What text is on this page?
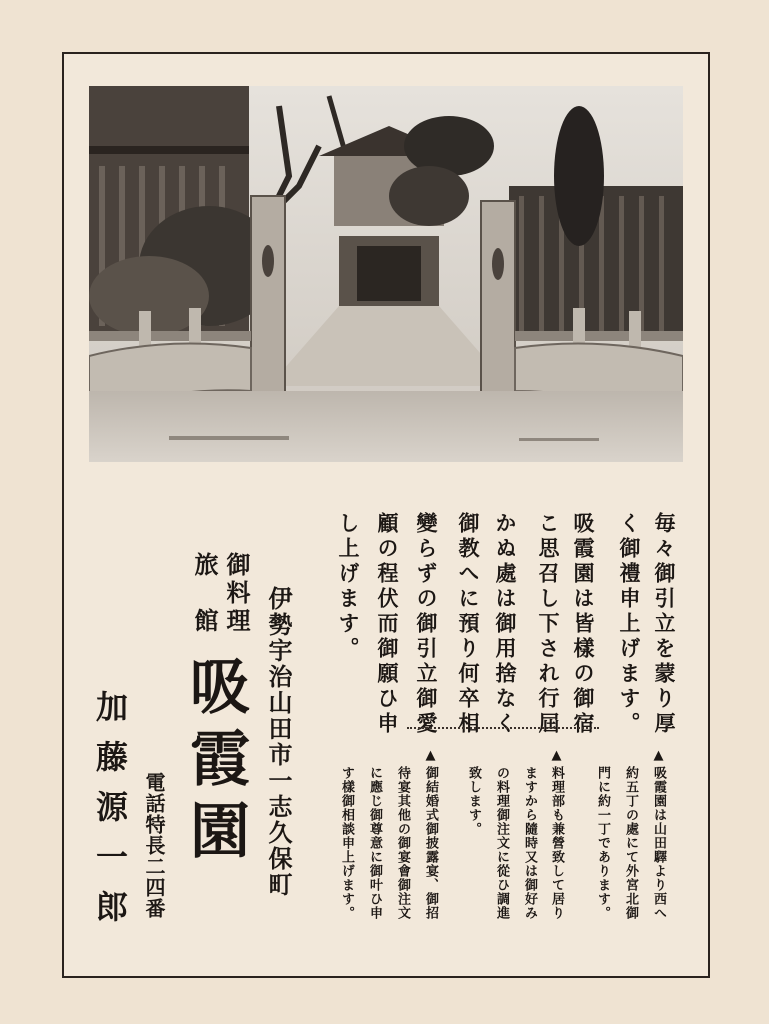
毎々御引立を蒙り厚
く御禮申上げます。
吸霞園は皆樣の御宿
こ思召し下され行屆
かぬ處は御用捨なく
御教へに預り何卒相
變らずの御引立御愛
顧の程伏而御願ひ申
し上げます。
▲
吸霞園は山田驛より西へ
約五丁の處にて外宮北御
門に約一丁であります。
▲
料理部も兼營致して居り
ますから隨時又は御好み
の料理御注文に從ひ調進
致します。
▲
御結婚式御披露宴、御招
待宴其他の御宴會御注文
に應じ御尊意に御叶ひ申
す樣御相談申上げます。
伊勢宇治山田市一志久保町
御料理
旅　館
吸霞園
電話特長二四番
加藤源一郎
